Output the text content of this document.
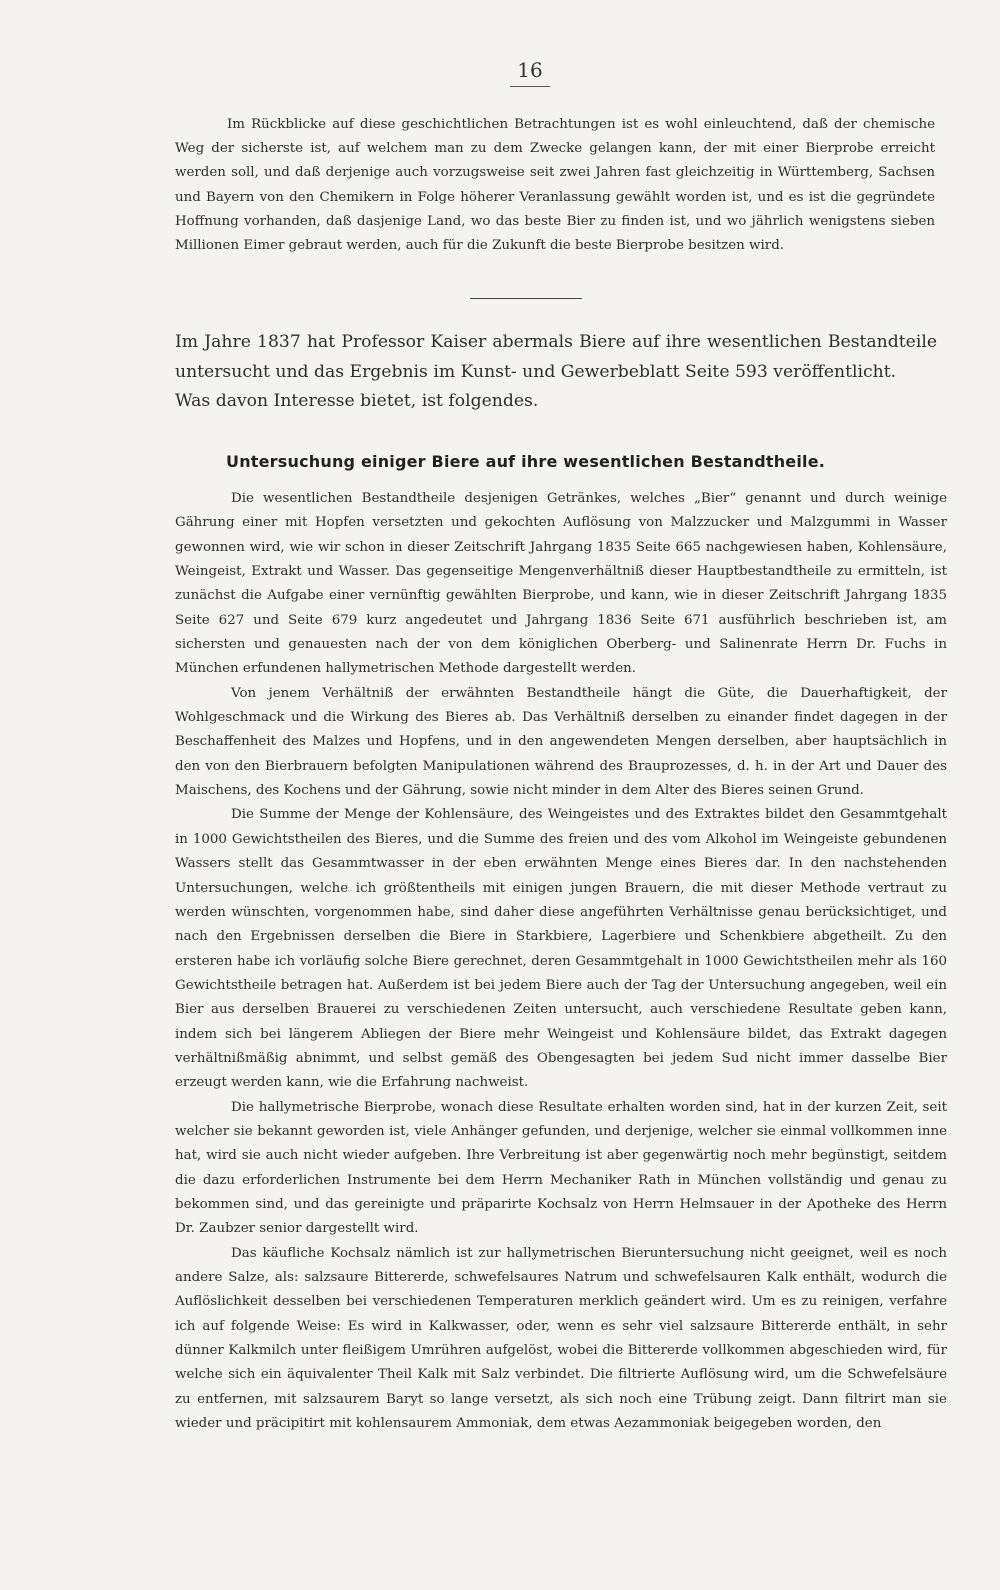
16

Im Rückblicke auf diese geschichtlichen Betrachtungen ist es wohl einleuchtend, daß der chemische Weg der sicherste ist, auf welchem man zu dem Zwecke gelangen kann, der mit einer Bierprobe erreicht werden soll, und daß derjenige auch vorzugsweise seit zwei Jahren fast gleichzeitig in Württemberg, Sachsen und Bayern von den Chemikern in Folge höherer Veranlassung gewählt worden ist, und es ist die gegründete Hoffnung vorhanden, daß dasjenige Land, wo das beste Bier zu finden ist, und wo jährlich wenigstens sieben Millionen Eimer gebraut werden, auch für die Zukunft die beste Bierprobe besitzen wird.

Im Jahre 1837 hat Professor Kaiser abermals Biere auf ihre wesentlichen Bestandteile untersucht und das Ergebnis im Kunst- und Gewerbeblatt Seite 593 veröffentlicht.

Was davon Interesse bietet, ist folgendes.

Untersuchung einiger Biere auf ihre wesentlichen Bestandtheile.

Die wesentlichen Bestandtheile desjenigen Getränkes, welches „Bier“ genannt und durch weinige Gährung einer mit Hopfen versetzten und gekochten Auflösung von Malzzucker und Malzgummi in Wasser gewonnen wird, wie wir schon in dieser Zeitschrift Jahrgang 1835 Seite 665 nachgewiesen haben, Kohlensäure, Weingeist, Extrakt und Wasser. Das gegenseitige Mengenverhältniß dieser Hauptbestandtheile zu ermitteln, ist zunächst die Aufgabe einer vernünftig gewählten Bierprobe, und kann, wie in dieser Zeitschrift Jahrgang 1835 Seite 627 und Seite 679 kurz angedeutet und Jahrgang 1836 Seite 671 ausführlich beschrieben ist, am sichersten und genauesten nach der von dem königlichen Oberberg- und Salinenrate Herrn Dr. Fuchs in München erfundenen hallymetrischen Methode dargestellt werden.

Von jenem Verhältniß der erwähnten Bestandtheile hängt die Güte, die Dauerhaftigkeit, der Wohlgeschmack und die Wirkung des Bieres ab. Das Verhältniß derselben zu einander findet dagegen in der Beschaffenheit des Malzes und Hopfens, und in den angewendeten Mengen derselben, aber hauptsächlich in den von den Bierbrauern befolgten Manipulationen während des Brauprozesses, d. h. in der Art und Dauer des Maischens, des Kochens und der Gährung, sowie nicht minder in dem Alter des Bieres seinen Grund.

Die Summe der Menge der Kohlensäure, des Weingeistes und des Extraktes bildet den Gesammtgehalt in 1000 Gewichtstheilen des Bieres, und die Summe des freien und des vom Alkohol im Weingeiste gebundenen Wassers stellt das Gesammtwasser in der eben erwähnten Menge eines Bieres dar. In den nachstehenden Untersuchungen, welche ich größtentheils mit einigen jungen Brauern, die mit dieser Methode vertraut zu werden wünschten, vorgenommen habe, sind daher diese angeführten Verhältnisse genau berücksichtiget, und nach den Ergebnissen derselben die Biere in Starkbiere, Lagerbiere und Schenkbiere abgetheilt. Zu den ersteren habe ich vorläufig solche Biere gerechnet, deren Gesammtgehalt in 1000 Gewichtstheilen mehr als 160 Gewichtstheile betragen hat. Außerdem ist bei jedem Biere auch der Tag der Untersuchung angegeben, weil ein Bier aus derselben Brauerei zu verschiedenen Zeiten untersucht, auch verschiedene Resultate geben kann, indem sich bei längerem Abliegen der Biere mehr Weingeist und Kohlensäure bildet, das Extrakt dagegen verhältnißmäßig abnimmt, und selbst gemäß des Obengesagten bei jedem Sud nicht immer dasselbe Bier erzeugt werden kann, wie die Erfahrung nachweist.

Die hallymetrische Bierprobe, wonach diese Resultate erhalten worden sind, hat in der kurzen Zeit, seit welcher sie bekannt geworden ist, viele Anhänger gefunden, und derjenige, welcher sie einmal vollkommen inne hat, wird sie auch nicht wieder aufgeben. Ihre Verbreitung ist aber gegenwärtig noch mehr begünstigt, seitdem die dazu erforderlichen Instrumente bei dem Herrn Mechaniker Rath in München vollständig und genau zu bekommen sind, und das gereinigte und präparirte Kochsalz von Herrn Helmsauer in der Apotheke des Herrn Dr. Zaubzer senior dargestellt wird.

Das käufliche Kochsalz nämlich ist zur hallymetrischen Bieruntersuchung nicht geeignet, weil es noch andere Salze, als: salzsaure Bittererde, schwefelsaures Natrum und schwefelsauren Kalk enthält, wodurch die Auflöslichkeit desselben bei verschiedenen Temperaturen merklich geändert wird. Um es zu reinigen, verfahre ich auf folgende Weise: Es wird in Kalkwasser, oder, wenn es sehr viel salzsaure Bittererde enthält, in sehr dünner Kalkmilch unter fleißigem Umrühren aufgelöst, wobei die Bittererde vollkommen abgeschieden wird, für welche sich ein äquivalenter Theil Kalk mit Salz verbindet. Die filtrierte Auflösung wird, um die Schwefelsäure zu entfernen, mit salzsaurem Baryt so lange versetzt, als sich noch eine Trübung zeigt. Dann filtrirt man sie wieder und präcipitirt mit kohlensaurem Ammoniak, dem etwas Aezammoniak beigegeben worden, den
